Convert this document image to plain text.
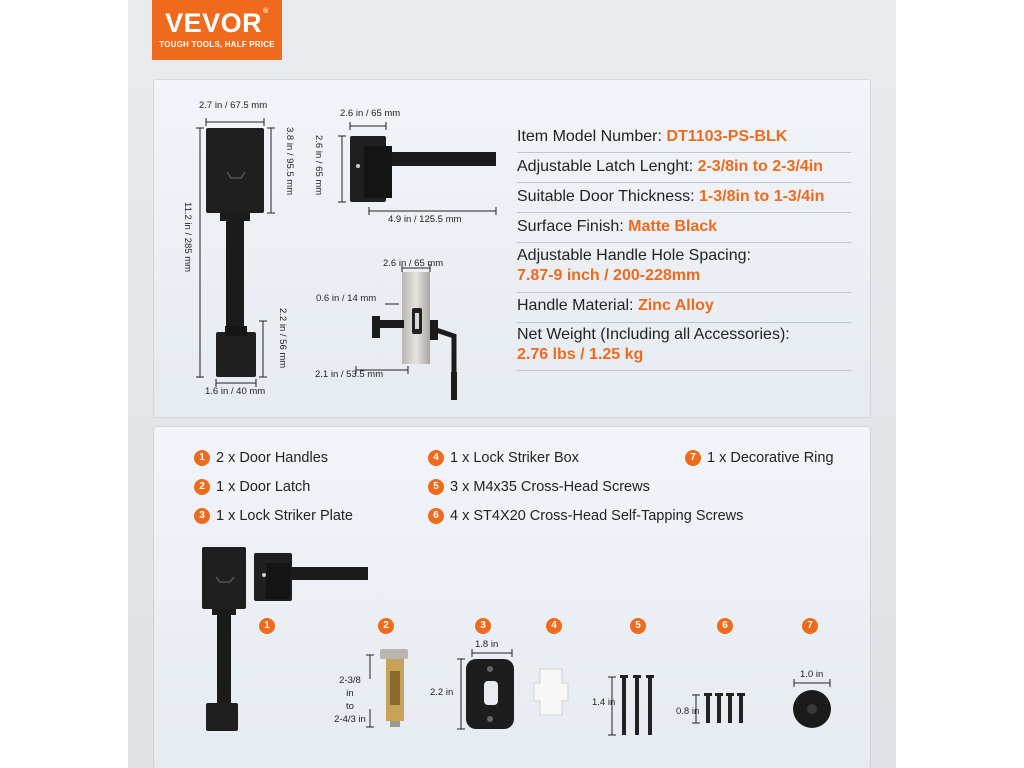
VEVOR®
TOUGH TOOLS, HALF PRICE
2.7 in / 67.5 mm
3.8 in / 95.5 mm
11.2 in / 285 mm
2.2 in / 56 mm
1.6 in / 40 mm
2.6 in / 65 mm
2.6 in / 65 mm
4.9 in / 125.5 mm
2.6 in / 65 mm
0.6 in / 14 mm
2.1 in / 53.5 mm
Item Model Number: DT1103-PS-BLK
Adjustable Latch Lenght: 2-3/8in to 2-3/4in
Suitable Door Thickness: 1-3/8in to 1-3/4in
Surface Finish: Matte Black
Adjustable Handle Hole Spacing:
7.87-9 inch / 200-228mm
Handle Material: Zinc Alloy
Net Weight (Including all Accessories):
2.76 lbs / 1.25 kg
1 2 x Door Handles
2 1 x Door Latch
3 1 x Lock Striker Plate
4 1 x Lock Striker Box
5 3 x M4x35 Cross-Head Screws
6 4 x ST4X20 Cross-Head Self-Tapping Screws
7 1 x Decorative Ring
1	2	3	4	5	6	7
2-3/8
in
to
2-4/3 in
1.8 in
2.2 in
1.4 in
0.8 in
1.0 in
